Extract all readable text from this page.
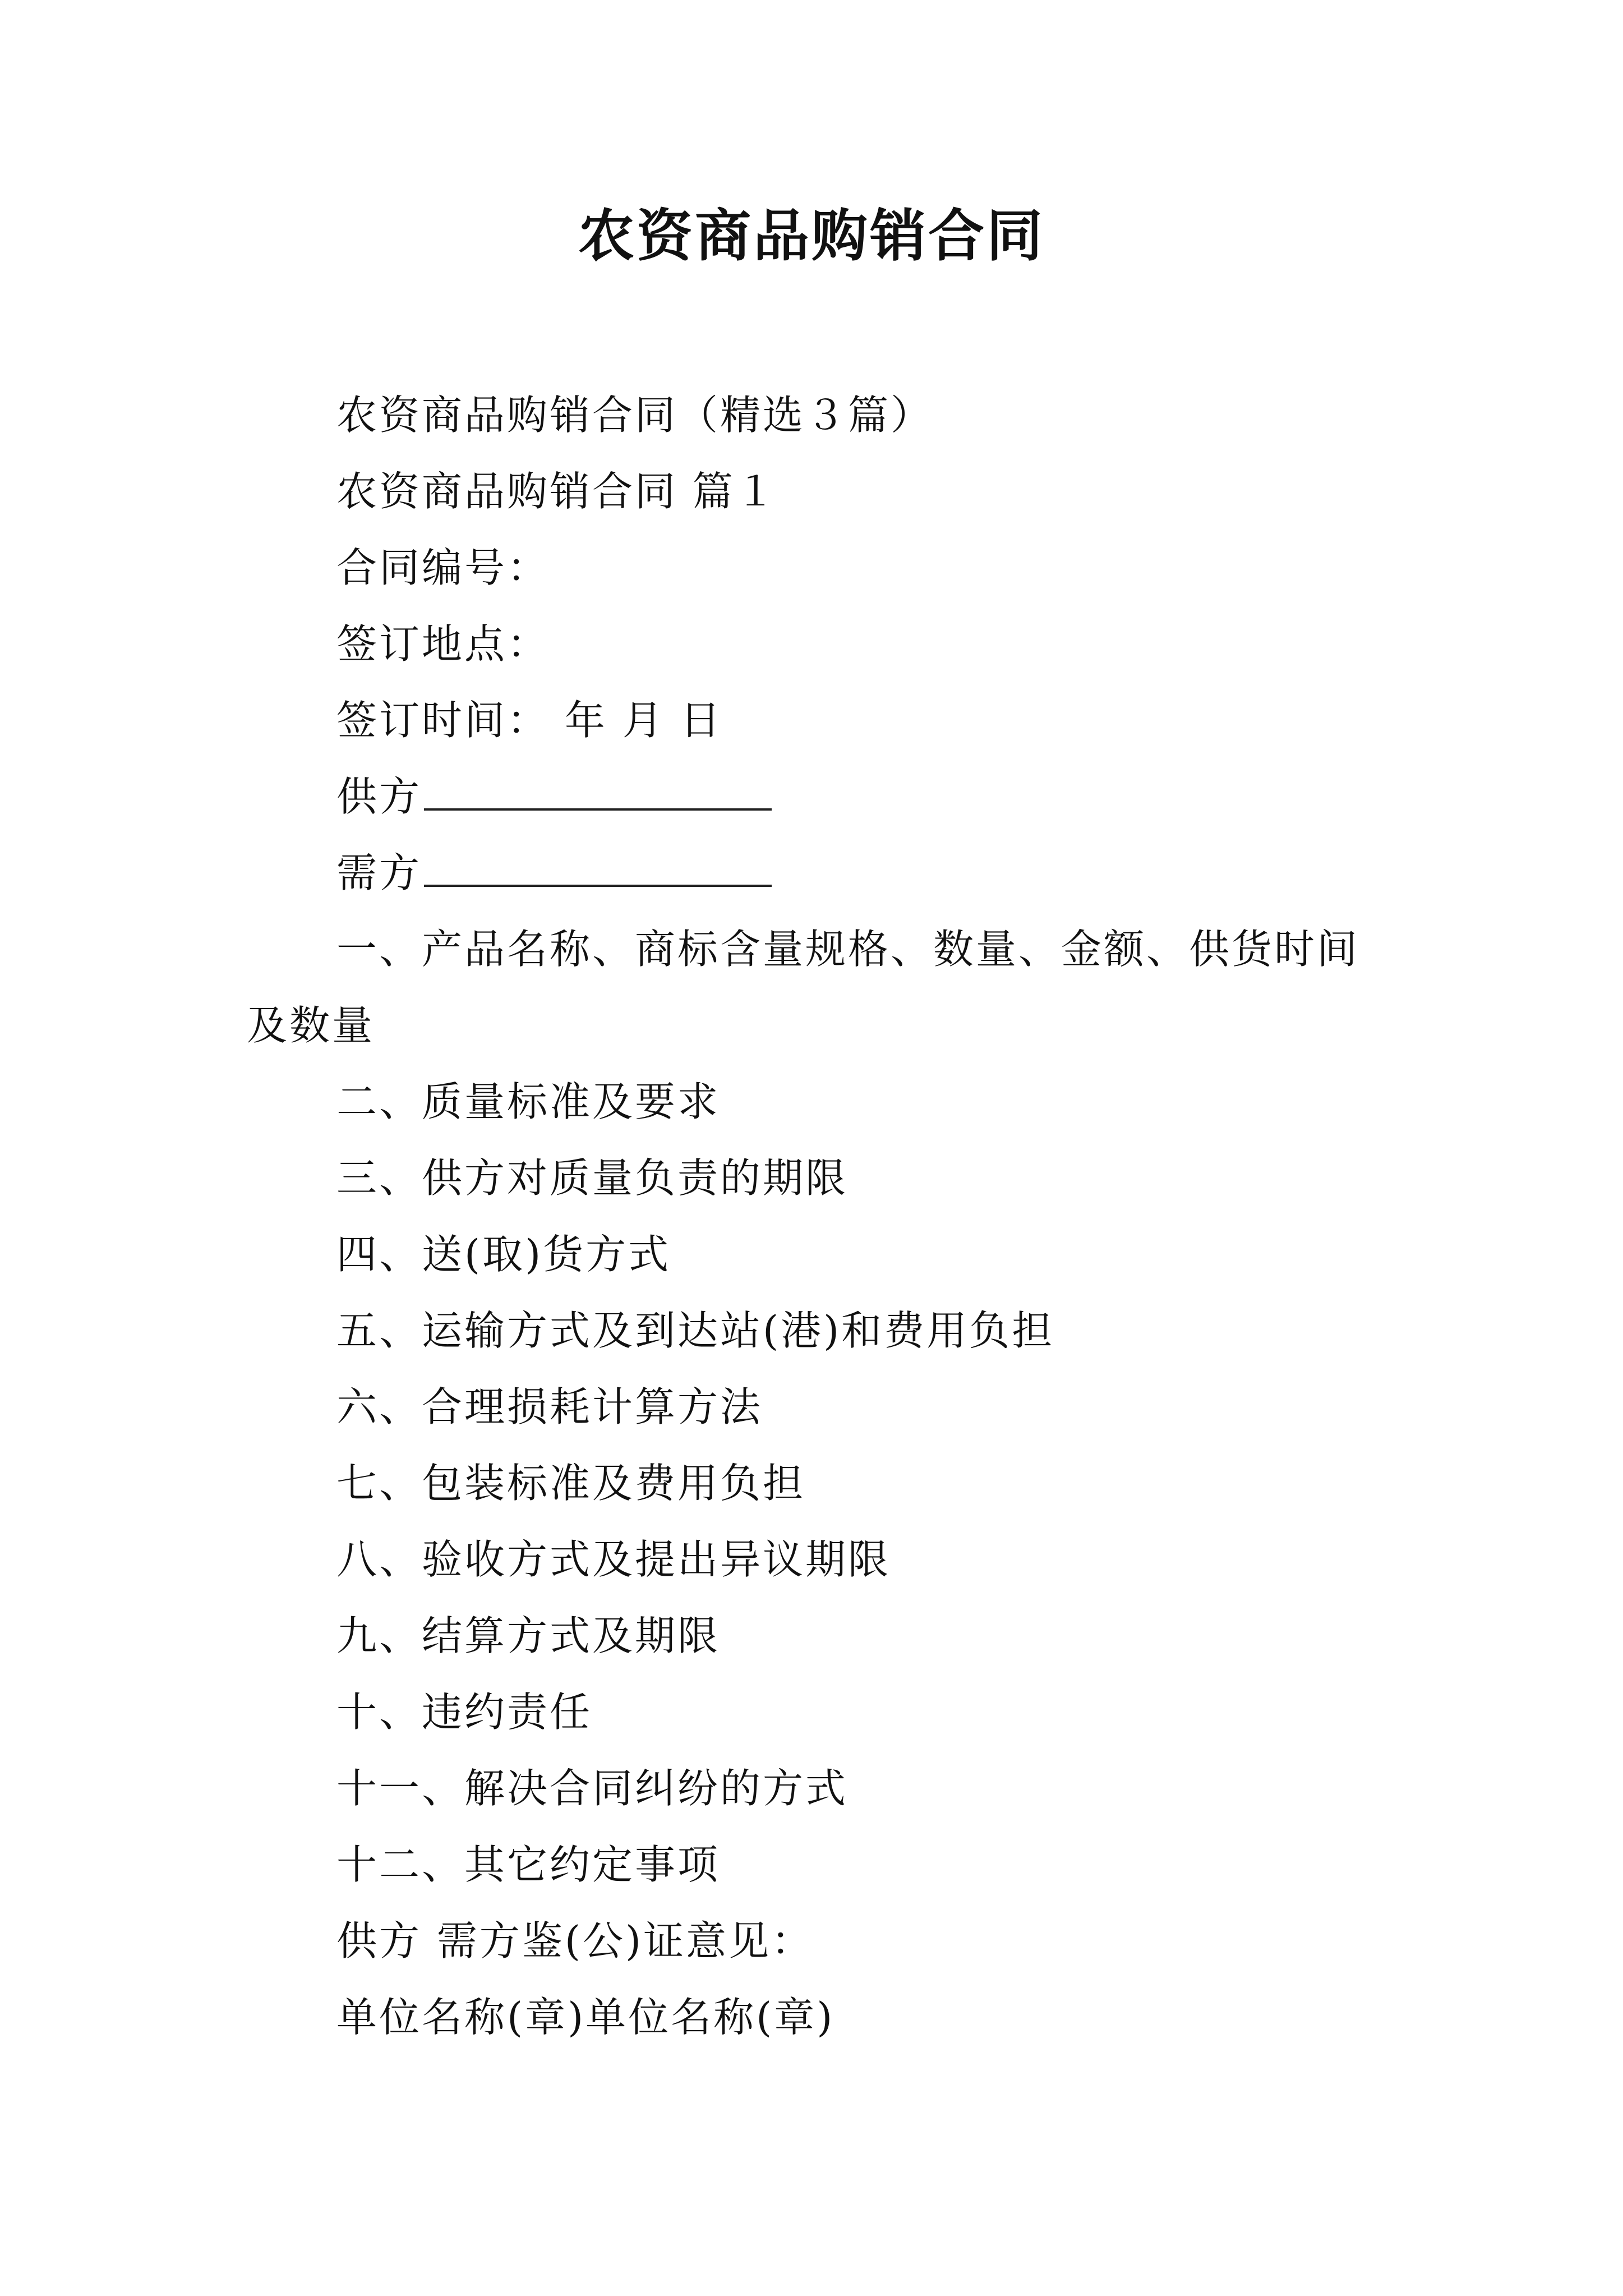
农资商品购销合同
农资商品购销合同（精选３篇）
农资商品购销合同 篇１
合同编号：
签订地点：
签订时间： 年 月 日
供方
需方
一、产品名称、商标含量规格、数量、金额、供货时间及数量
二、质量标准及要求
三、供方对质量负责的期限
四、送(取)货方式
五、运输方式及到达站(港)和费用负担
六、合理损耗计算方法
七、包装标准及费用负担
八、验收方式及提出异议期限
九、结算方式及期限
十、违约责任
十一、解决合同纠纷的方式
十二、其它约定事项
供方 需方鉴(公)证意见：
单位名称(章)单位名称(章)
